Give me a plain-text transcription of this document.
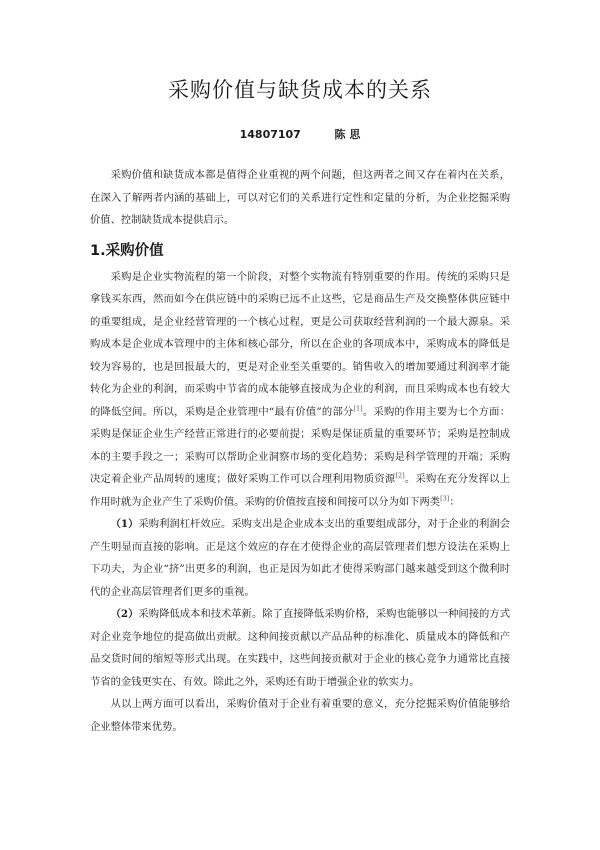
采购价值与缺货成本的关系
14807107	陈 思

采购价值和缺货成本都是值得企业重视的两个问题，但这两者之间又存在着内在关系，在深入了解两者内涵的基础上，可以对它们的关系进行定性和定量的分析，为企业挖掘采购价值、控制缺货成本提供启示。

1.采购价值

采购是企业实物流程的第一个阶段，对整个实物流有特别重要的作用。传统的采购只是拿钱买东西，然而如今在供应链中的采购已远不止这些，它是商品生产及交换整体供应链中的重要组成，是企业经营管理的一个核心过程，更是公司获取经营利润的一个最大源泉。采购成本是企业成本管理中的主体和核心部分，所以在企业的各项成本中，采购成本的降低是较为容易的，也是回报最大的，更是对企业至关重要的。销售收入的增加要通过利润率才能转化为企业的利润，而采购中节省的成本能够直接成为企业的利润，而且采购成本也有较大的降低空间。所以，采购是企业管理中“最有价值”的部分[1]。采购的作用主要为七个方面：采购是保证企业生产经营正常进行的必要前提；采购是保证质量的重要环节；采购是控制成本的主要手段之一；采购可以帮助企业洞察市场的变化趋势；采购是科学管理的开端；采购决定着企业产品周转的速度；做好采购工作可以合理利用物质资源[2]。采购在充分发挥以上作用时就为企业产生了采购价值。采购的价值按直接和间接可以分为如下两类[3]：

（1）采购利润杠杆效应。采购支出是企业成本支出的重要组成部分，对于企业的利润会产生明显而直接的影响。正是这个效应的存在才使得企业的高层管理者们想方设法在采购上下功夫，为企业“挤”出更多的利润，也正是因为如此才使得采购部门越来越受到这个微利时代的企业高层管理者们更多的重视。

（2）采购降低成本和技术革新。除了直接降低采购价格，采购也能够以一种间接的方式对企业竞争地位的提高做出贡献。这种间接贡献以产品品种的标准化、质量成本的降低和产品交货时间的缩短等形式出现。在实践中，这些间接贡献对于企业的核心竞争力通常比直接节省的金钱更实在、有效。除此之外，采购还有助于增强企业的软实力。

从以上两方面可以看出，采购价值对于企业有着重要的意义，充分挖掘采购价值能够给企业整体带来优势。
